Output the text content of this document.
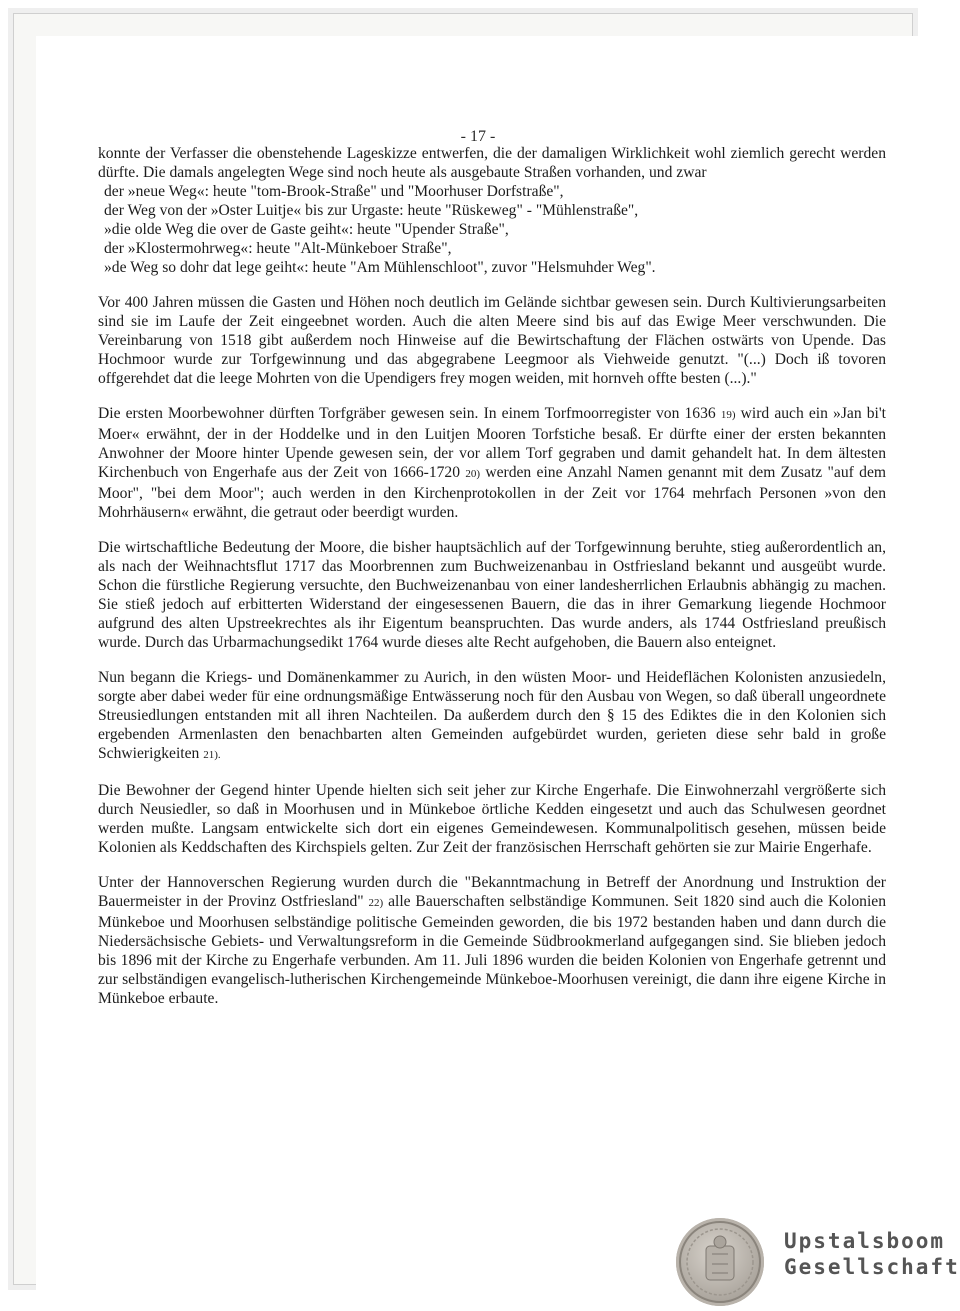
- 17 -

konnte der Verfasser die obenstehende Lageskizze entwerfen, die der damaligen Wirklichkeit wohl ziemlich gerecht werden dürfte. Die damals angelegten Wege sind noch heute als ausgebaute Straßen vorhanden, und zwar

der »neue Weg«: heute "tom-Brook-Straße" und "Moorhuser Dorfstraße",
der Weg von der »Oster Luitje« bis zur Urgaste: heute "Rüskeweg" - "Mühlenstraße",
»die olde Weg die over de Gaste geiht«: heute "Upender Straße",
der »Klostermohrweg«: heute "Alt-Münkeboer Straße",
»de Weg so dohr dat lege geiht«: heute "Am Mühlenschloot", zuvor "Helsmuhder Weg".

Vor 400 Jahren müssen die Gasten und Höhen noch deutlich im Gelände sichtbar gewesen sein. Durch Kultivierungsarbeiten sind sie im Laufe der Zeit eingeebnet worden. Auch die alten Meere sind bis auf das Ewige Meer verschwunden. Die Vereinbarung von 1518 gibt außerdem noch Hinweise auf die Bewirtschaftung der Flächen ostwärts von Upende. Das Hochmoor wurde zur Torfgewinnung und das abgegrabene Leegmoor als Viehweide genutzt. "(...) Doch iß tovoren offgerehdet dat die leege Mohrten von die Upendigers frey mogen weiden, mit hornveh offte besten (...)."

Die ersten Moorbewohner dürften Torfgräber gewesen sein. In einem Torfmoorregister von 1636 19) wird auch ein »Jan bi't Moer« erwähnt, der in der Hoddelke und in den Luitjen Mooren Torfstiche besaß. Er dürfte einer der ersten bekannten Anwohner der Moore hinter Upende gewesen sein, der vor allem Torf gegraben und damit gehandelt hat. In dem ältesten Kirchenbuch von Engerhafe aus der Zeit von 1666-1720 20) werden eine Anzahl Namen genannt mit dem Zusatz "auf dem Moor", "bei dem Moor"; auch werden in den Kirchenprotokollen in der Zeit vor 1764 mehrfach Personen »von den Mohrhäusern« erwähnt, die getraut oder beerdigt wurden.

Die wirtschaftliche Bedeutung der Moore, die bisher hauptsächlich auf der Torfgewinnung beruhte, stieg außerordentlich an, als nach der Weihnachtsflut 1717 das Moorbrennen zum Buchweizenanbau in Ostfriesland bekannt und ausgeübt wurde. Schon die fürstliche Regierung versuchte, den Buchweizenanbau von einer landesherrlichen Erlaubnis abhängig zu machen. Sie stieß jedoch auf erbitterten Widerstand der eingesessenen Bauern, die das in ihrer Gemarkung liegende Hochmoor aufgrund des alten Upstreekrechtes als ihr Eigentum beanspruchten. Das wurde anders, als 1744 Ostfriesland preußisch wurde. Durch das Urbarmachungsedikt 1764 wurde dieses alte Recht aufgehoben, die Bauern also enteignet.

Nun begann die Kriegs- und Domänenkammer zu Aurich, in den wüsten Moor- und Heideflächen Kolonisten anzusiedeln, sorgte aber dabei weder für eine ordnungsmäßige Entwässerung noch für den Ausbau von Wegen, so daß überall ungeordnete Streusiedlungen entstanden mit all ihren Nachteilen. Da außerdem durch den § 15 des Ediktes die in den Kolonien sich ergebenden Armenlasten den benachbarten alten Gemeinden aufgebürdet wurden, gerieten diese sehr bald in große Schwierigkeiten 21).

Die Bewohner der Gegend hinter Upende hielten sich seit jeher zur Kirche Engerhafe. Die Einwohnerzahl vergrößerte sich durch Neusiedler, so daß in Moorhusen und in Münkeboe örtliche Kedden eingesetzt und auch das Schulwesen geordnet werden mußte. Langsam entwickelte sich dort ein eigenes Gemeindewesen. Kommunalpolitisch gesehen, müssen beide Kolonien als Keddschaften des Kirchspiels gelten. Zur Zeit der französischen Herrschaft gehörten sie zur Mairie Engerhafe.

Unter der Hannoverschen Regierung wurden durch die "Bekanntmachung in Betreff der Anordnung und Instruktion der Bauermeister in der Provinz Ostfriesland" 22) alle Bauerschaften selbständige Kommunen. Seit 1820 sind auch die Kolonien Münkeboe und Moorhusen selbständige politische Gemeinden geworden, die bis 1972 bestanden haben und dann durch die Niedersächsische Gebiets- und Verwaltungsreform in die Gemeinde Südbrookmerland aufgegangen sind. Sie blieben jedoch bis 1896 mit der Kirche zu Engerhafe verbunden. Am 11. Juli 1896 wurden die beiden Kolonien von Engerhafe getrennt und zur selbständigen evangelisch-lutherischen Kirchengemeinde Münkeboe-Moorhusen vereinigt, die dann ihre eigene Kirche in Münkeboe erbaute.

Upstalsboom
Gesellschaft
